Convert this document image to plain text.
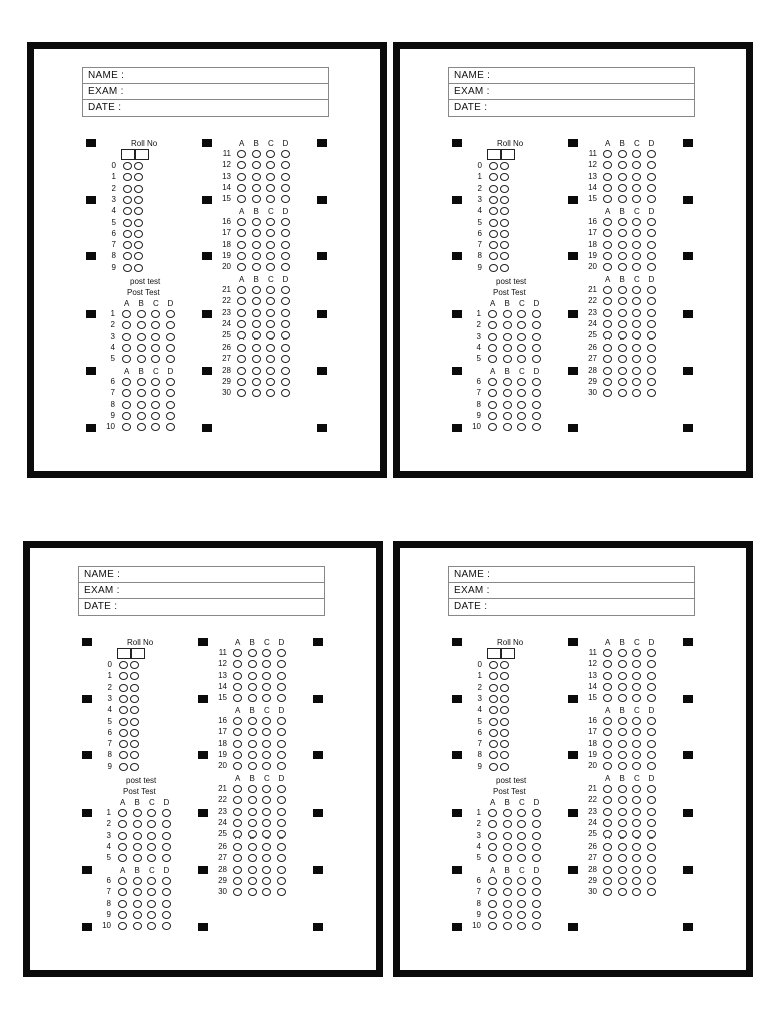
NAME :
EXAM :
DATE :
Roll No
0
1
2
3
4
5
6
7
8
9
post test
Post Test
A B C D
1
2
3
4
5
6
7
8
9
10
A B C D
A B C D
A B C D
A B C D
11
12
13
14
15
16
17
18
19
20
21
22
23
24
25
26
27
28
29
30
NAME :
EXAM :
DATE :
Roll No
0
1
2
3
4
5
6
7
8
9
post test
Post Test
A B C D
1
2
3
4
5
6
7
8
9
10
A B C D
A B C D
A B C D
A B C D
11
12
13
14
15
16
17
18
19
20
21
22
23
24
25
26
27
28
29
30
NAME :
EXAM :
DATE :
Roll No
0
1
2
3
4
5
6
7
8
9
post test
Post Test
A B C D
1
2
3
4
5
6
7
8
9
10
A B C D
A B C D
A B C D
A B C D
11
12
13
14
15
16
17
18
19
20
21
22
23
24
25
26
27
28
29
30
NAME :
EXAM :
DATE :
Roll No
0
1
2
3
4
5
6
7
8
9
post test
Post Test
A B C D
1
2
3
4
5
6
7
8
9
10
A B C D
A B C D
A B C D
A B C D
11
12
13
14
15
16
17
18
19
20
21
22
23
24
25
26
27
28
29
30
